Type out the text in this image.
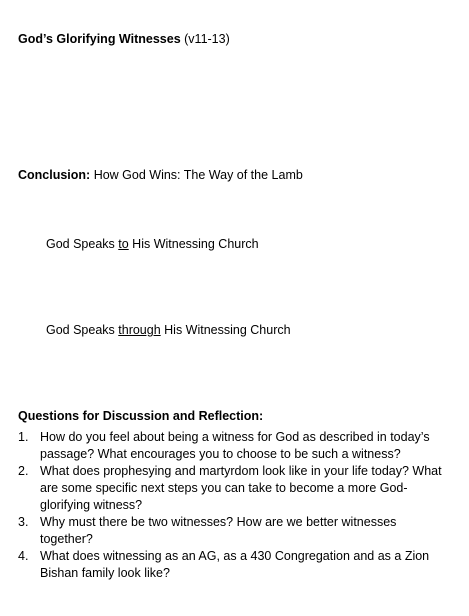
God’s Glorifying Witnesses (v11-13)
Conclusion: How God Wins: The Way of the Lamb
God Speaks to His Witnessing Church
God Speaks through His Witnessing Church
Questions for Discussion and Reflection:
1. How do you feel about being a witness for God as described in today’s passage? What encourages you to choose to be such a witness?
2. What does prophesying and martyrdom look like in your life today? What are some specific next steps you can take to become a more God-glorifying witness?
3. Why must there be two witnesses? How are we better witnesses together?
4. What does witnessing as an AG, as a 430 Congregation and as a Zion Bishan family look like?
